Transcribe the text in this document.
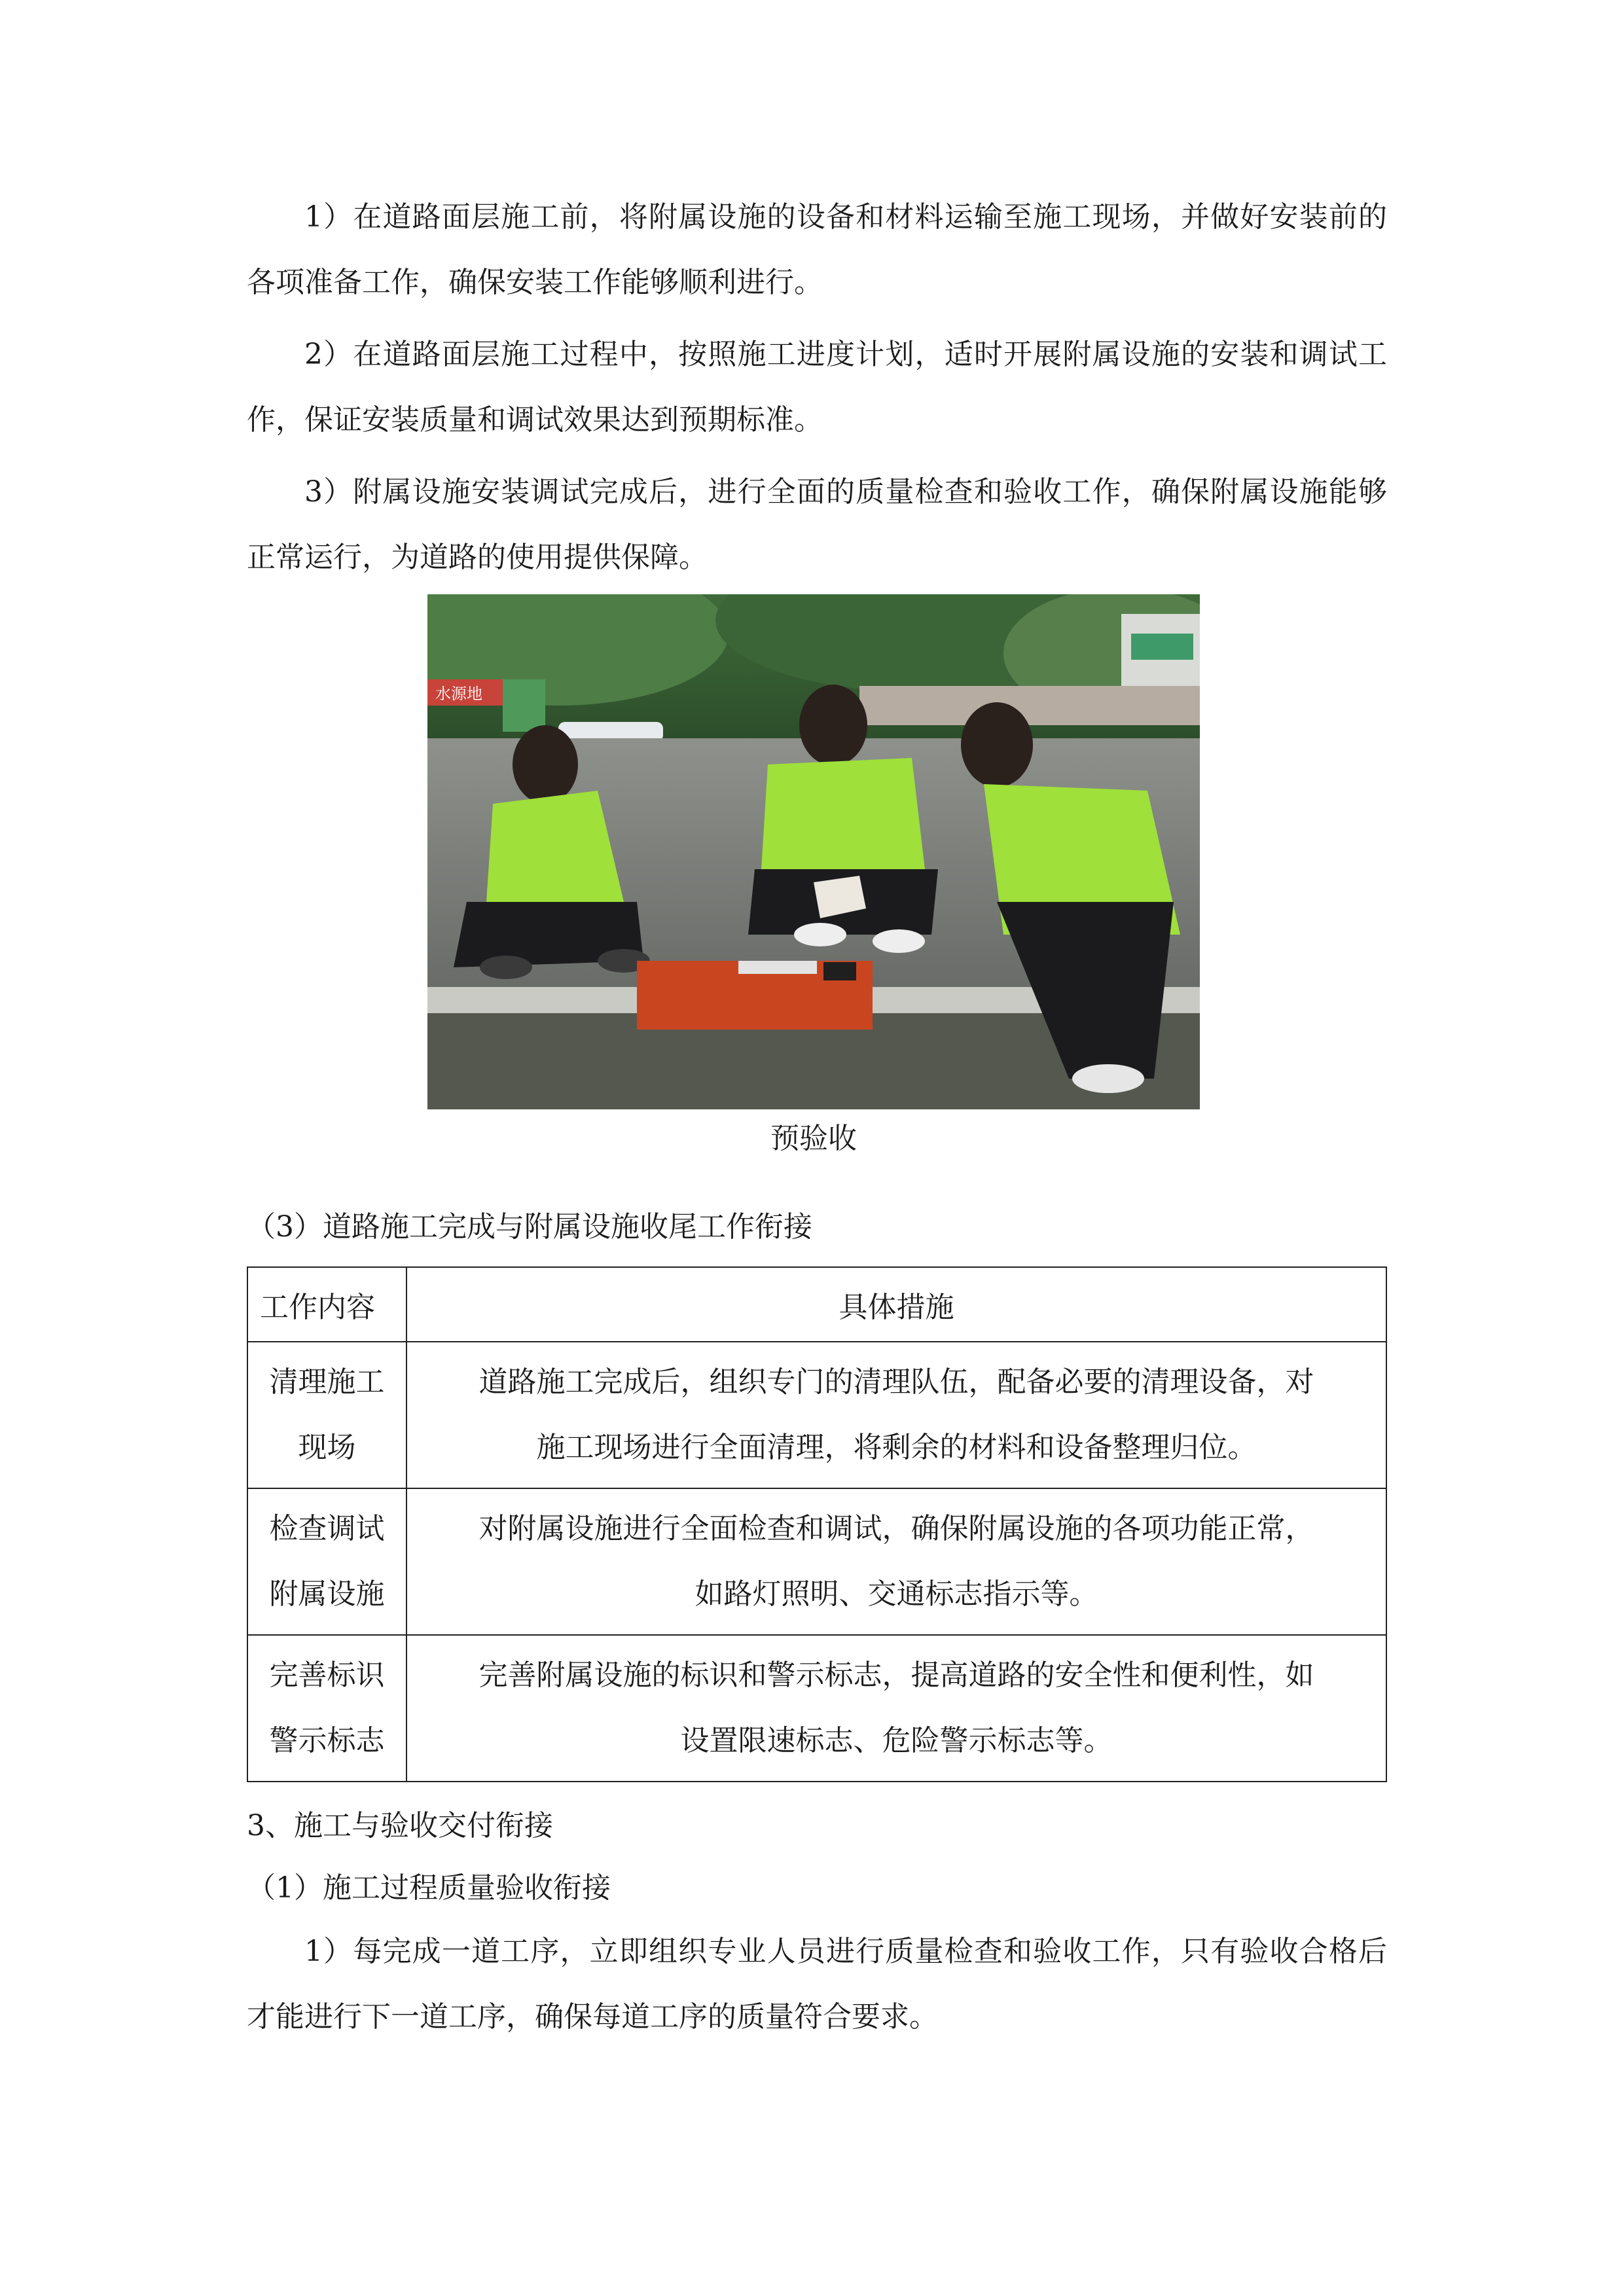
1）在道路面层施工前，将附属设施的设备和材料运输至施工现场，并做好安装前的各项准备工作，确保安装工作能够顺利进行。

2）在道路面层施工过程中，按照施工进度计划，适时开展附属设施的安装和调试工作，保证安装质量和调试效果达到预期标准。

3）附属设施安装调试完成后，进行全面的质量检查和验收工作，确保附属设施能够正常运行，为道路的使用提供保障。

水源地

预验收

（3）道路施工完成与附属设施收尾工作衔接

工作内容	具体措施

清理施工
现场	道路施工完成后，组织专门的清理队伍，配备必要的清理设备，对
施工现场进行全面清理，将剩余的材料和设备整理归位。

检查调试
附属设施	对附属设施进行全面检查和调试，确保附属设施的各项功能正常，
如路灯照明、交通标志指示等。

完善标识
警示标志	完善附属设施的标识和警示标志，提高道路的安全性和便利性，如
设置限速标志、危险警示标志等。

3、施工与验收交付衔接

（1）施工过程质量验收衔接

1）每完成一道工序，立即组织专业人员进行质量检查和验收工作，只有验收合格后才能进行下一道工序，确保每道工序的质量符合要求。
